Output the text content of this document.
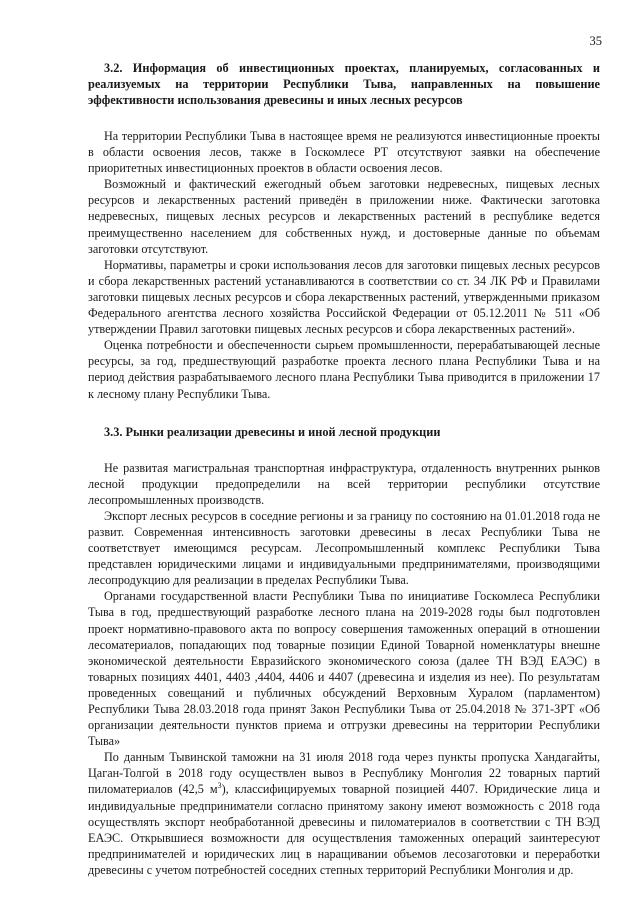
35

3.2. Информация об инвестиционных проектах, планируемых, согласованных и реализуемых на территории Республики Тыва, направленных на повышение эффективности использования древесины и иных лесных ресурсов

На территории Республики Тыва в настоящее время не реализуются инвестиционные проекты в области освоения лесов, также в Госкомлесе РТ отсутствуют заявки на обеспечение приоритетных инвестиционных проектов в области освоения лесов.

Возможный и фактический ежегодный объем заготовки недревесных, пищевых лесных ресурсов и лекарственных растений приведён в приложении ниже. Фактически заготовка недревесных, пищевых лесных ресурсов и лекарственных растений в республике ведется преимущественно населением для собственных нужд, и достоверные данные по объемам заготовки отсутствуют.

Нормативы, параметры и сроки использования лесов для заготовки пищевых лесных ресурсов и сбора лекарственных растений устанавливаются в соответствии со ст. 34 ЛК РФ и Правилами заготовки пищевых лесных ресурсов и сбора лекарственных растений, утвержденными приказом Федерального агентства лесного хозяйства Российской Федерации от 05.12.2011 № 511 «Об утверждении Правил заготовки пищевых лесных ресурсов и сбора лекарственных растений».

Оценка потребности и обеспеченности сырьем промышленности, перерабатывающей лесные ресурсы, за год, предшествующий разработке проекта лесного плана Республики Тыва и на период действия разрабатываемого лесного плана Республики Тыва приводится в приложении 17 к лесному плану Республики Тыва.

3.3. Рынки реализации древесины и иной лесной продукции

Не развитая магистральная транспортная инфраструктура, отдаленность внутренних рынков лесной продукции предопределили на всей территории республики отсутствие лесопромышленных производств.

Экспорт лесных ресурсов в соседние регионы и за границу по состоянию на 01.01.2018 года не развит. Современная интенсивность заготовки древесины в лесах Республики Тыва не соответствует имеющимся ресурсам. Лесопромышленный комплекс Республики Тыва представлен юридическими лицами и индивидуальными предпринимателями, производящими лесопродукцию для реализации в пределах Республики Тыва.

Органами государственной власти Республики Тыва по инициативе Госкомлеса Республики Тыва в год, предшествующий разработке лесного плана на 2019-2028 годы был подготовлен проект нормативно-правового акта по вопросу совершения таможенных операций в отношении лесоматериалов, попадающих под товарные позиции Единой Товарной номенклатуры внешне экономической деятельности Евразийского экономического союза (далее ТН ВЭД ЕАЭС) в товарных позициях 4401, 4403 ,4404, 4406 и 4407 (древесина и изделия из нее). По результатам проведенных совещаний и публичных обсуждений Верховным Хуралом (парламентом) Республики Тыва 28.03.2018 года принят Закон Республики Тыва от 25.04.2018 № 371-ЗРТ «Об организации деятельности пунктов приема и отгрузки древесины на территории Республики Тыва»

По данным Тывинской таможни на 31 июля 2018 года через пункты пропуска Хандагайты, Цаган-Толгой в 2018 году осуществлен вывоз в Республику Монголия 22 товарных партий пиломатериалов (42,5 $м^3$), классифицируемых товарной позицией 4407. Юридические лица и индивидуальные предприниматели согласно принятому закону имеют возможность с 2018 года осуществлять экспорт необработанной древесины и пиломатериалов в соответствии с ТН ВЭД ЕАЭС. Открывшиеся возможности для осуществления таможенных операций заинтересуют предпринимателей и юридических лиц в наращивании объемов лесозаготовки и переработки древесины с учетом потребностей соседних степных территорий Республики Монголия и др.
